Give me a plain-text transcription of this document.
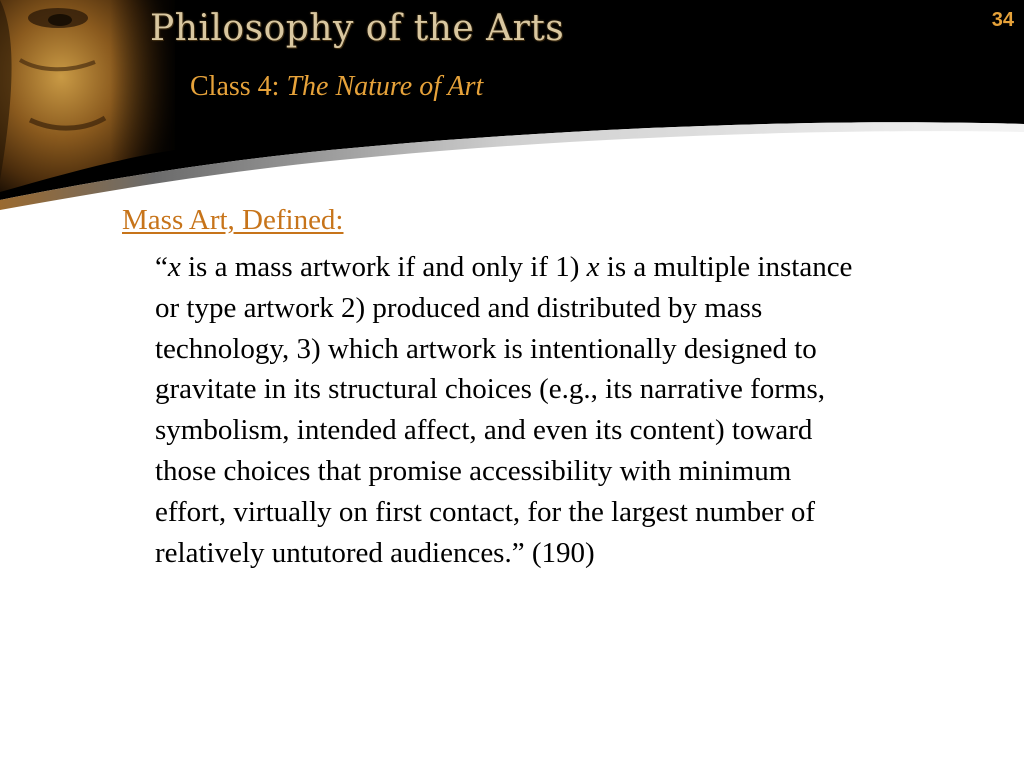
Philosophy of the Arts
Class 4: The Nature of Art
34
Mass Art, Defined:
“x is a mass artwork if and only if 1) x is a multiple instance
or type artwork 2) produced and distributed by mass
technology, 3) which artwork is intentionally designed to
gravitate in its structural choices (e.g., its narrative forms,
symbolism, intended affect, and even its content) toward
those choices that promise accessibility with minimum
effort, virtually on first contact, for the largest number of
relatively untutored audiences.” (190)
